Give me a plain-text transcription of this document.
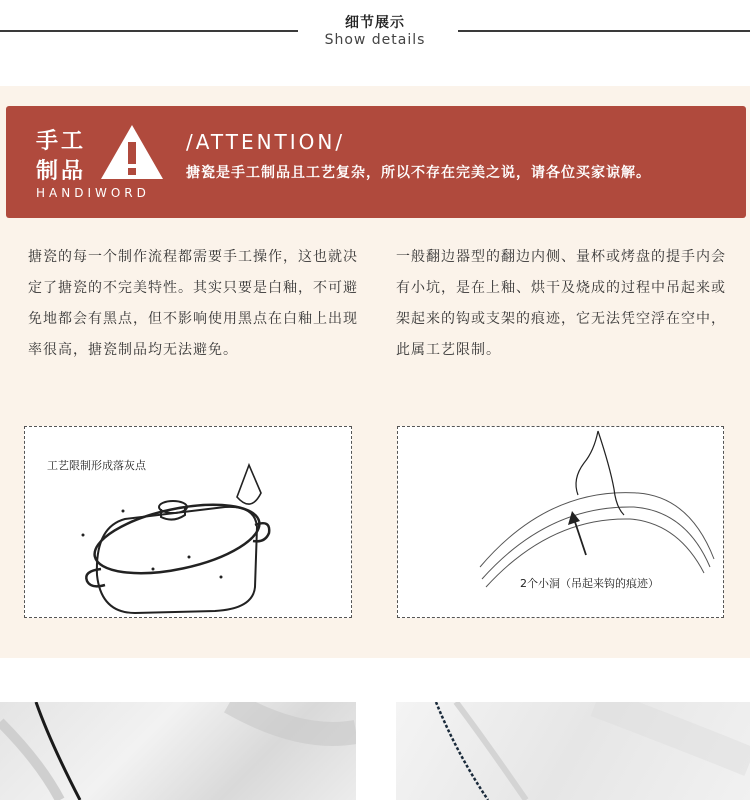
细节展示
Show details
手工
制品
HANDIWORD
/ATTENTION/
搪瓷是手工制品且工艺复杂，所以不存在完美之说，请各位买家谅解。
搪瓷的每一个制作流程都需要手工操作，这也就决定了搪瓷的不完美特性。其实只要是白釉，不可避免地都会有黑点，但不影响使用黑点在白釉上出现率很高，搪瓷制品均无法避免。
一般翻边器型的翻边内侧、量杯或烤盘的提手内会有小坑，是在上釉、烘干及烧成的过程中吊起来或架起来的钩或支架的痕迹，它无法凭空浮在空中，此属工艺限制。
工艺限制形成落灰点
2个小洞（吊起来钩的痕迹）
